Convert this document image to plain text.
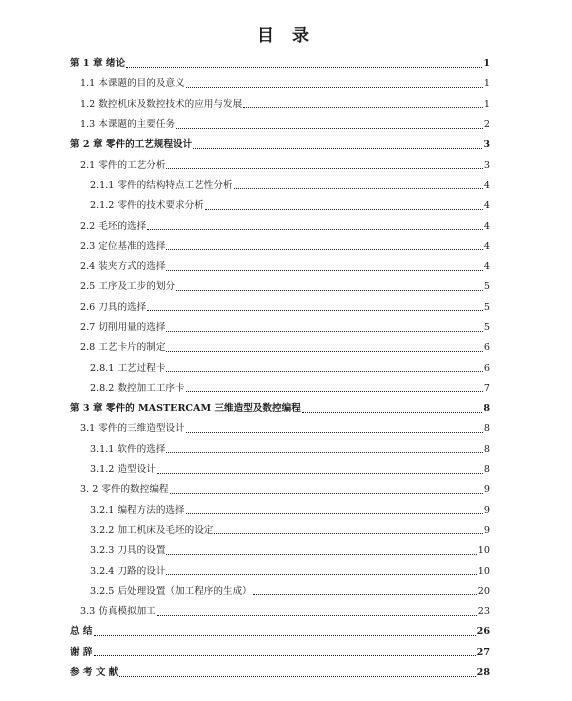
目 录
第 1 章 绪论	1
1.1 本课题的目的及意义	1
1.2 数控机床及数控技术的应用与发展	1
1.3 本课题的主要任务	2
第 2 章 零件的工艺规程设计	3
2.1 零件的工艺分析	3
2.1.1 零件的结构特点工艺性分析	4
2.1.2 零件的技术要求分析	4
2.2 毛坯的选择	4
2.3 定位基准的选择	4
2.4 装夹方式的选择	4
2.5 工序及工步的划分	5
2.6 刀具的选择	5
2.7 切削用量的选择	5
2.8 工艺卡片的制定	6
2.8.1 工艺过程卡	6
2.8.2 数控加工工序卡	7
第 3 章 零件的 MASTERCAM 三维造型及数控编程	8
3.1 零件的三维造型设计	8
3.1.1 软件的选择	8
3.1.2 造型设计	8
3. 2 零件的数控编程	9
3.2.1 编程方法的选择	9
3.2.2 加工机床及毛坯的设定	9
3.2.3 刀具的设置	10
3.2.4 刀路的设计	10
3.2.5 后处理设置（加工程序的生成）	20
3.3 仿真模拟加工	23
总 结	26
谢 辞	27
参 考 文 献	28
